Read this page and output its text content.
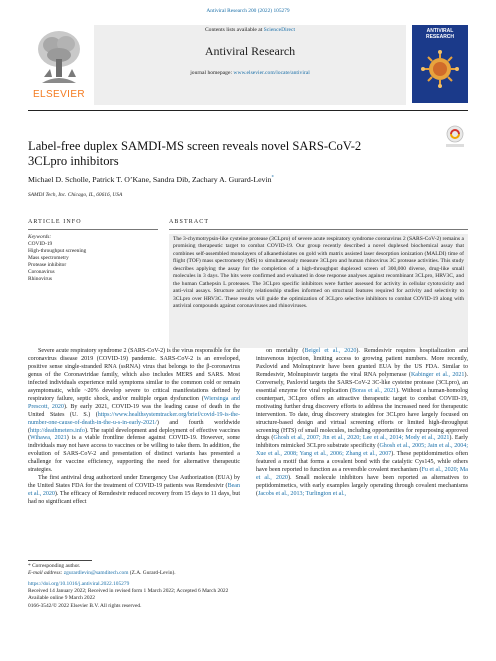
Antiviral Research 200 (2022) 105279
ELSEVIER
Contents lists available at ScienceDirect
Antiviral Research
journal homepage: www.elsevier.com/locate/antiviral
ANTIVIRAL RESEARCH
Label-free duplex SAMDI-MS screen reveals novel SARS-CoV-2 3CLpro inhibitors
Michael D. Scholle, Patrick T. O’Kane, Sandra Dib, Zachary A. Gurard-Levin*
SAMDI Tech, Inc. Chicago, IL, 60616, USA
ARTICLE INFO	ABSTRACT
Keywords:
COVID-19
High-throughput screening
Mass spectrometry
Protease inhibitor
Coronavirus
Rhinovirus
The 3-chymotrypsin-like cysteine protease (3CLpro) of severe acute respiratory syndrome coronavirus 2 (SARS-CoV-2) remains a promising therapeutic target to combat COVID-19. Our group recently described a novel duplexed biochemical assay that combines self-assembled monolayers of alkanethiolates on gold with matrix assisted laser desorption ionization (MALDI) time of flight (TOF) mass spectrometry (MS) to simultaneously measure 3CLpro and human rhinovirus 3C protease activities. This study describes applying the assay for the completion of a high-throughput duplexed screen of 300,000 diverse, drug-like small molecules in 3 days. The hits were confirmed and evaluated in dose response analyses against recombinant 3CLpro, HRV3C, and the human Cathepsin L proteases. The 3CLpro specific inhibitors were further assessed for activity in cellular cytotoxicity and anti-viral assays. Structure activity relationship studies informed on structural features required for activity and selectivity to 3CLpro over HRV3C. These results will guide the optimization of 3CLpro selective inhibitors to combat COVID-19 along with antiviral compounds against coronaviruses and rhinoviruses.

Severe acute respiratory syndrome 2 (SARS-CoV-2) is the virus responsible for the coronavirus disease 2019 (COVID-19) pandemic. SARS-CoV-2 is an enveloped, positive sense single-stranded RNA (ssRNA) virus that belongs to the β-coronavirus genus of the Coronaviridae family, which also includes MERS and SARS. Most infected individuals experience mild symptoms similar to the common cold or remain asymptomatic, while ~20% develop severe to critical manifestations defined by respiratory failure, septic shock, and/or multiple organ dysfunction (Wiersinga and Prescott, 2020). By early 2021, COVID-19 was the leading cause of death in the United States (U. S.) (https://www.healthsystemtracker.org/brief/covid-19-is-the-number-one-cause-of-death-in-the-u-s-in-early-2021/) and fourth worldwide (http://deathmeters.info). The rapid development and deployment of effective vaccines (Wihawa, 2021) is a viable frontline defense against COVID-19. However, some individuals may not have access to vaccines or be willing to take them. In addition, the evolution of SARS-CoV-2 and presentation of distinct variants has presented a challenge for vaccine efficiency, supporting the need for alternative therapeutic strategies.

The first antiviral drug authorized under Emergency Use Authorization (EUA) by the United States FDA for the treatment of COVID-19 patients was Remdesivir (Bean et al., 2020). The efficacy of Remdesivir reduced recovery from 15 days to 11 days, but had no significant effect

on mortality (Beigel et al., 2020). Remdesivir requires hospitalization and intravenous injection, limiting access to growing patient numbers. More recently, Paxlovid and Molnupiravir have been granted EUA by the US FDA. Similar to Remdesivir, Molnupiravir targets the viral RNA polymerase (Kabinger et al., 2021). Conversely, Paxlovid targets the SARS-CoV-2 3C-like cysteine protease (3CLpro), an essential enzyme for viral replication (Boras et al., 2021). Without a human-homolog counterpart, 3CLpro offers an attractive therapeutic target to combat COVID-19, motivating further drug discovery efforts to address the increased need for therapeutic intervention. To date, drug discovery strategies for 3CLpro have largely focused on structure-based design and virtual screening efforts or limited high-throughput screening (HTS) of small molecules, including opportunities for repurposing approved drugs (Ghosh et al., 2007; Jin et al., 2020; Lee et al., 2014; Mody et al., 2021). Early inhibitors mimicked 3CLpro substrate specificity (Ghosh et al., 2005; Jain et al., 2004; Xue et al., 2008; Yang et al., 2006; Zhang et al., 2007). These peptidomimetics often featured a motif that forms a covalent bond with the catalytic Cys145, while others have been reported to function as a reversible covalent mechanism (Fu et al., 2020; Ma et al., 2020). Small molecule inhibitors have been reported as alternatives to peptidomimetics, with early examples largely operating through covalent mechanisms (Jacobs et al., 2013; Turlington et al.,

* Corresponding author.
E-mail address: zgurardlevin@samditech.com (Z.A. Gurard-Levin).
https://doi.org/10.1016/j.antiviral.2022.105279
Received 14 January 2022; Received in revised form 1 March 2022; Accepted 6 March 2022
Available online 9 March 2022
0166-3542/© 2022 Elsevier B.V. All rights reserved.
